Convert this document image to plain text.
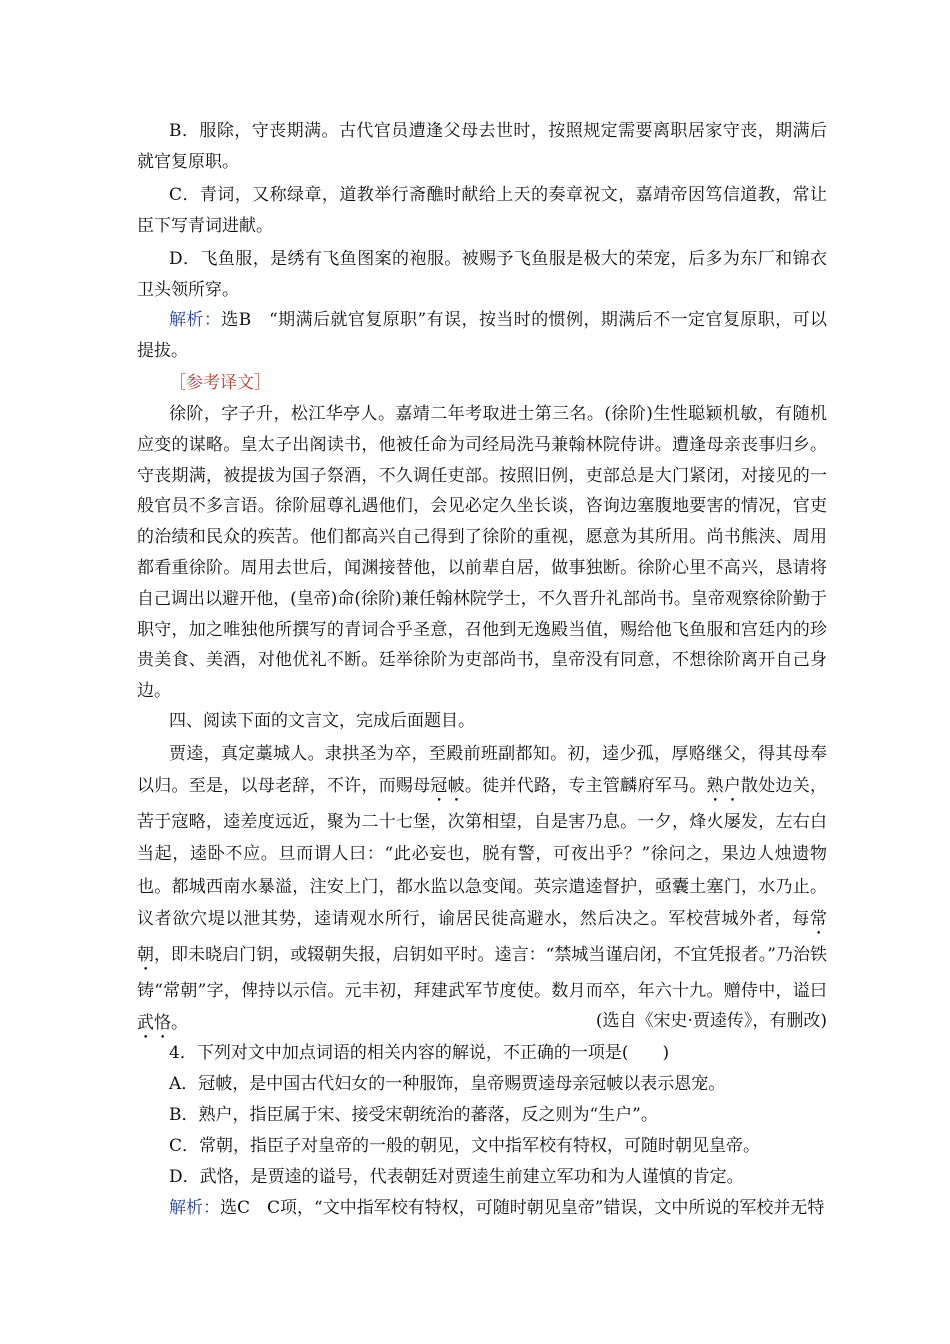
B．服除，守丧期满。古代官员遭逢父母去世时，按照规定需要离职居家守丧，期满后就官复原职。
C．青词，又称绿章，道教举行斋醮时献给上天的奏章祝文，嘉靖帝因笃信道教，常让臣下写青词进献。
D．飞鱼服，是绣有飞鱼图案的袍服。被赐予飞鱼服是极大的荣宠，后多为东厂和锦衣卫头领所穿。
解析：选B　“期满后就官复原职”有误，按当时的惯例，期满后不一定官复原职，可以提拔。
［参考译文］
徐阶，字子升，松江华亭人。嘉靖二年考取进士第三名。(徐阶)生性聪颖机敏，有随机应变的谋略。皇太子出阁读书，他被任命为司经局洗马兼翰林院侍讲。遭逢母亲丧事归乡。守丧期满，被提拔为国子祭酒，不久调任吏部。按照旧例，吏部总是大门紧闭，对接见的一般官员不多言语。徐阶屈尊礼遇他们，会见必定久坐长谈，咨询边塞腹地要害的情况，官吏的治绩和民众的疾苦。他们都高兴自己得到了徐阶的重视，愿意为其所用。尚书熊浃、周用都看重徐阶。周用去世后，闻渊接替他，以前辈自居，做事独断。徐阶心里不高兴，恳请将自己调出以避开他，(皇帝)命(徐阶)兼任翰林院学士，不久晋升礼部尚书。皇帝观察徐阶勤于职守，加之唯独他所撰写的青词合乎圣意，召他到无逸殿当值，赐给他飞鱼服和宫廷内的珍贵美食、美酒，对他优礼不断。廷举徐阶为吏部尚书，皇帝没有同意，不想徐阶离开自己身边。
四、阅读下面的文言文，完成后面题目。
贾逵，真定藁城人。隶拱圣为卒，至殿前班副都知。初，逵少孤，厚赂继父，得其母奉以归。至是，以母老辞，不许，而赐母冠帔。徙并代路，专主管麟府军马。熟户散处边关，苦于寇略，逵差度远近，聚为二十七堡，次第相望，自是害乃息。一夕，烽火屡发，左右白当起，逵卧不应。旦而谓人曰：“此必妄也，脱有警，可夜出乎？”徐问之，果边人烛遗物也。都城西南水暴溢，注安上门，都水监以急变闻。英宗遣逵督护，亟囊土塞门，水乃止。议者欲穴堤以泄其势，逵请观水所行，谕居民徙高避水，然后决之。军校营城外者，每常朝，即未晓启门钥，或辍朝失报，启钥如平时。逵言：“禁城当谨启闭，不宜凭报者。”乃治铁铸“常朝”字，俾持以示信。元丰初，拜建武军节度使。数月而卒，年六十九。赠侍中，谥曰武恪。	(选自《宋史·贾逵传》，有删改)
4．下列对文中加点词语的相关内容的解说，不正确的一项是(　　)
A．冠帔，是中国古代妇女的一种服饰，皇帝赐贾逵母亲冠帔以表示恩宠。
B．熟户，指臣属于宋、接受宋朝统治的蕃落，反之则为“生户”。
C．常朝，指臣子对皇帝的一般的朝见，文中指军校有特权，可随时朝见皇帝。
D．武恪，是贾逵的谥号，代表朝廷对贾逵生前建立军功和为人谨慎的肯定。
解析：选C　C项，“文中指军校有特权，可随时朝见皇帝”错误，文中所说的军校并无特
